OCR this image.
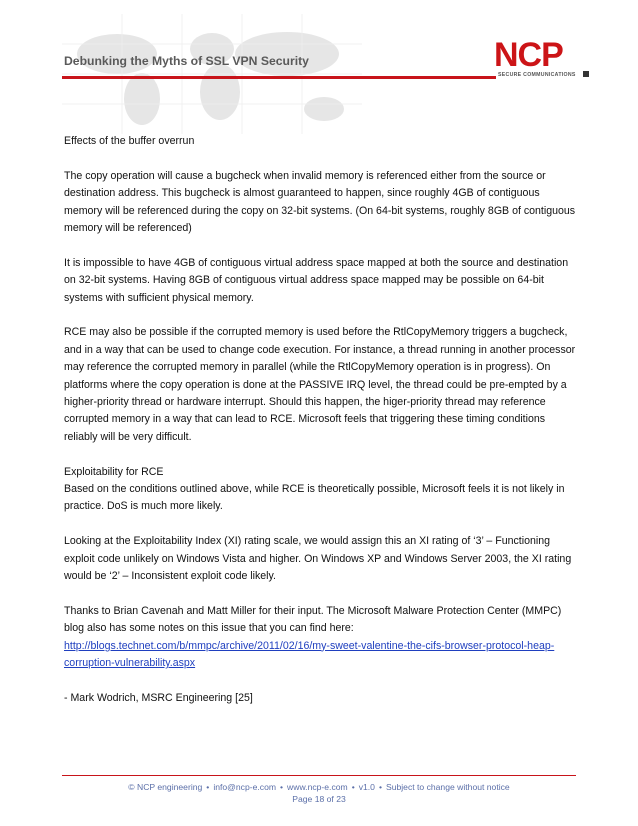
Debunking the Myths of SSL VPN Security	NCP
SECURE COMMUNICATIONS

Effects of the buffer overrun

The copy operation will cause a bugcheck when invalid memory is referenced either from the source or destination address. This bugcheck is almost guaranteed to happen, since roughly 4GB of contiguous memory will be referenced during the copy on 32-bit systems. (On 64-bit systems, roughly 8GB of contiguous memory will be referenced)

It is impossible to have 4GB of contiguous virtual address space mapped at both the source and destination on 32-bit systems. Having 8GB of contiguous virtual address space mapped may be possible on 64-bit systems with sufficient physical memory.

RCE may also be possible if the corrupted memory is used before the RtlCopyMemory triggers a bugcheck, and in a way that can be used to change code execution. For instance, a thread running in another processor may reference the corrupted memory in parallel (while the RtlCopyMemory operation is in progress). On platforms where the copy operation is done at the PASSIVE IRQ level, the thread could be pre-empted by a higher-priority thread or hardware interrupt. Should this happen, the higer-priority thread may reference corrupted memory in a way that can lead to RCE. Microsoft feels that triggering these timing conditions reliably will be very difficult.

Exploitability for RCE
Based on the conditions outlined above, while RCE is theoretically possible, Microsoft feels it is not likely in practice. DoS is much more likely.

Looking at the Exploitability Index (XI) rating scale, we would assign this an XI rating of ‘3’ – Functioning exploit code unlikely on Windows Vista and higher. On Windows XP and Windows Server 2003, the XI rating would be ‘2’ – Inconsistent exploit code likely.

Thanks to Brian Cavenah and Matt Miller for their input. The Microsoft Malware Protection Center (MMPC) blog also has some notes on this issue that you can find here:
http://blogs.technet.com/b/mmpc/archive/2011/02/16/my-sweet-valentine-the-cifs-browser-protocol-heap-corruption-vulnerability.aspx

- Mark Wodrich, MSRC Engineering [25]

© NCP engineering • info@ncp-e.com • www.ncp-e.com • v1.0 • Subject to change without notice
Page 18 of 23
